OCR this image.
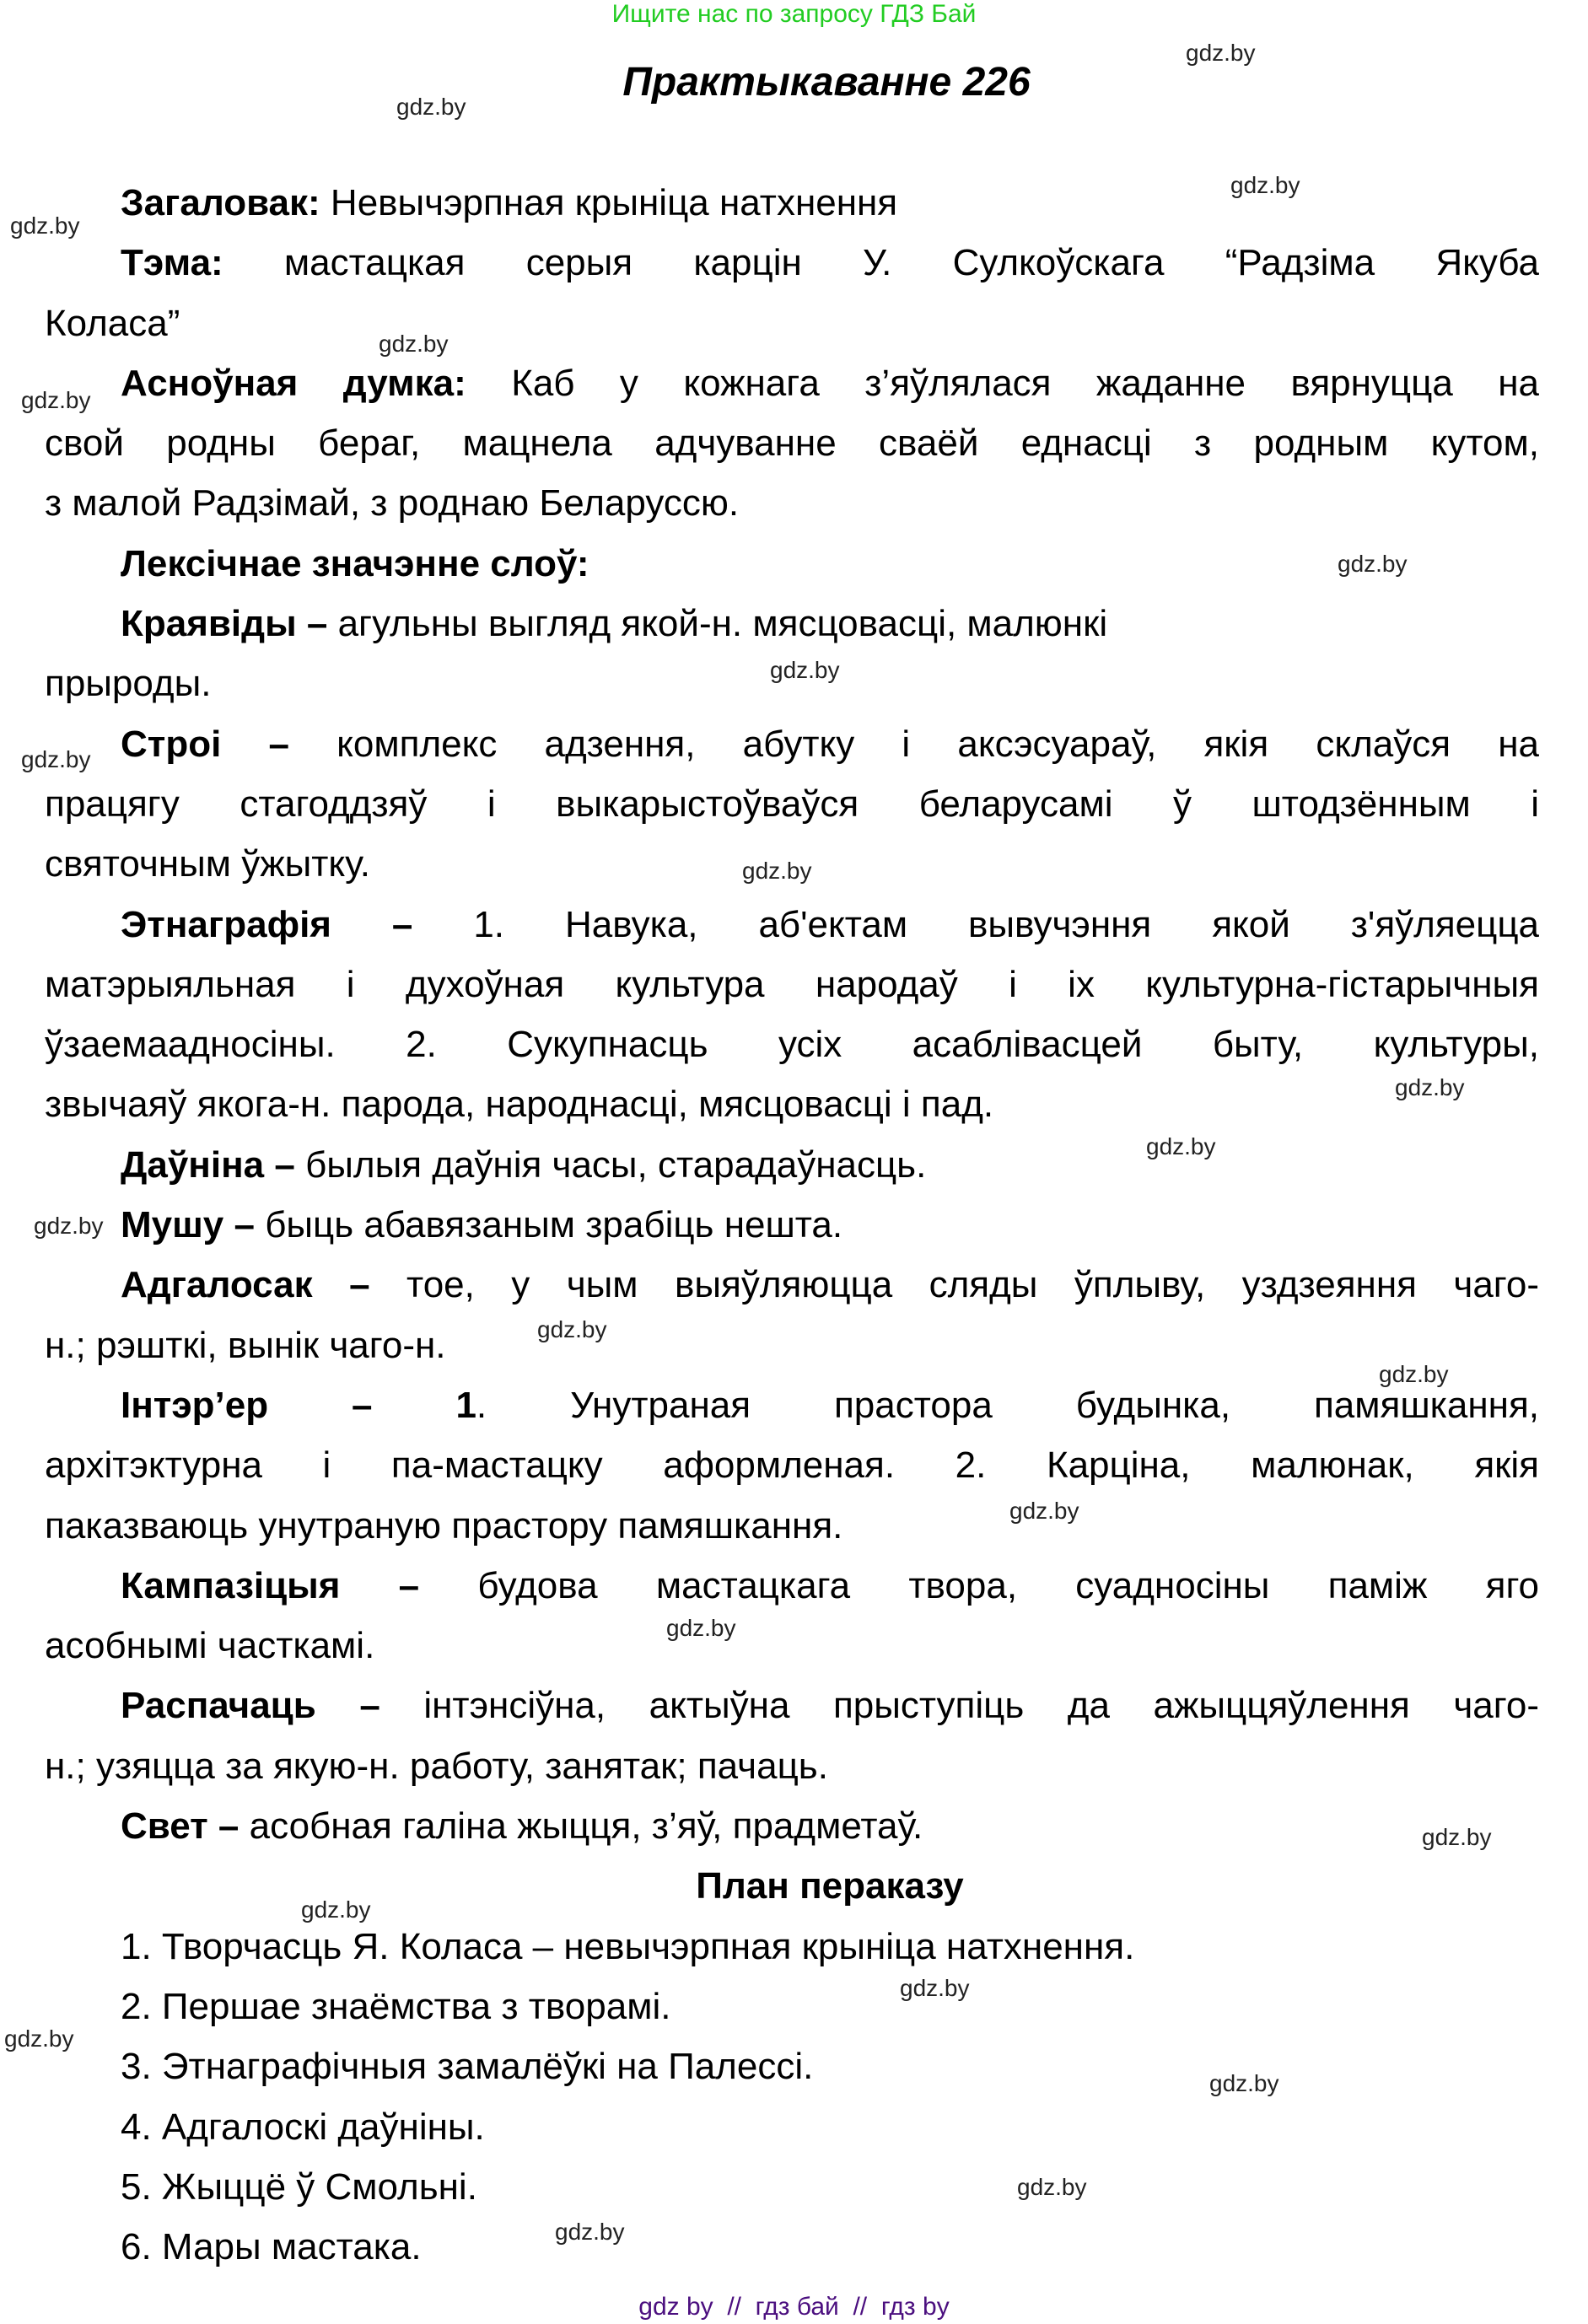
Ищите нас по запросу ГДЗ Бай
Практыкаванне 226
Загаловак: Невычэрпная крыніца натхнення
Тэма: мастацкая серыя карцін У. Сулкоўскага “Радзіма Якуба
Коласа”
Асноўная думка: Каб у кожнага з’яўлялася жаданне вярнуцца на
свой родны бераг, мацнела адчуванне сваёй еднасці з родным кутом,
з малой Радзімай, з роднаю Беларуссю.
Лексічнае значэнне слоў:
Краявіды – агульны выгляд якой-н. мясцовасці, малюнкі
прыроды.
Строі – комплекс адзення, абутку і аксэсуараў, якія склаўся на
працягу стагоддзяў і выкарыстоўваўся беларусамі ў штодзённым і
святочным ўжытку.
Этнаграфія – 1. Навука, аб'ектам вывучэння якой з'яўляецца
матэрыяльная і духоўная культура народаў і іх культурна-гістарычныя
ўзаемаадносіны. 2. Сукупнасць усіх асаблівасцей быту, культуры,
звычаяў якога-н. парода, народнасці, мясцовасці і пад.
Даўніна – былыя даўнія часы, старадаўнасць.
Мушу – быць абавязаным зрабіць нешта.
Адгалосак – тое, у чым выяўляюцца сляды ўплыву, уздзеяння чаго-
н.; рэшткі, вынік чаго-н.
Інтэр’ер – 1. Унутраная прастора будынка, памяшкання,
архітэктурна і па-мастацку аформленая. 2. Карціна, малюнак, якія
паказваюць унутраную прастору памяшкання.
Кампазіцыя – будова мастацкага твора, суадносіны паміж яго
асобнымі часткамі.
Распачаць – інтэнсіўна, актыўна прыступіць да ажыццяўлення чаго-
н.; узяцца за якую-н. работу, занятак; пачаць.
Свет – асобная галіна жыцця, з’яў, прадметаў.
План пераказу
1. Творчасць Я. Коласа – невычэрпная крыніца натхнення.
2. Першае знаёмства з творамі.
3. Этнаграфічныя замалёўкі на Палессі.
4. Адгалоскі даўніны.
5. Жыццё ў Смольні.
6. Мары мастака.
gdz.by
gdz.by
gdz.by
gdz.by
gdz.by
gdz.by
gdz.by
gdz.by
gdz.by
gdz.by
gdz.by
gdz.by
gdz.by
gdz.by
gdz.by
gdz.by
gdz.by
gdz.by
gdz.by
gdz.by
gdz.by
gdz.by
gdz.by
gdz.by
gdz by  //  гдз бай  //  гдз by
